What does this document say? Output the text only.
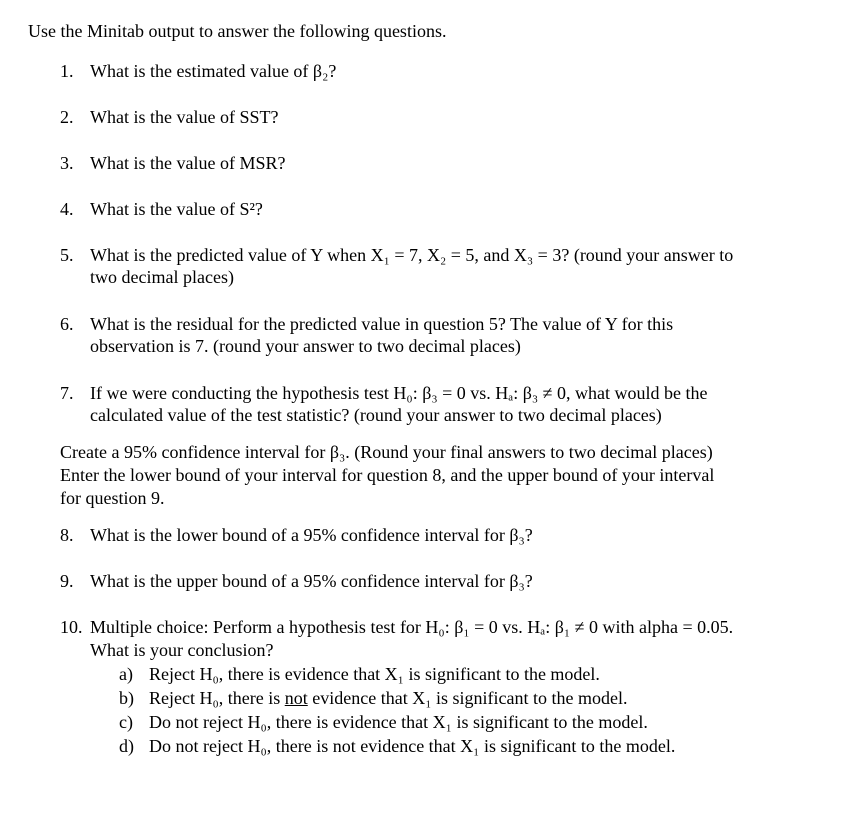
Use the Minitab output to answer the following questions.
1. What is the estimated value of β₂?
2. What is the value of SST?
3. What is the value of MSR?
4. What is the value of S²?
5. What is the predicted value of Y when X₁ = 7, X₂ = 5, and X₃ = 3? (round your answer to
two decimal places)
6. What is the residual for the predicted value in question 5? The value of Y for this
observation is 7. (round your answer to two decimal places)
7. If we were conducting the hypothesis test H₀: β₃ = 0 vs. Hₐ: β₃ ≠ 0, what would be the
calculated value of the test statistic? (round your answer to two decimal places)
Create a 95% confidence interval for β₃. (Round your final answers to two decimal places)
Enter the lower bound of your interval for question 8, and the upper bound of your interval
for question 9.
8. What is the lower bound of a 95% confidence interval for β₃?
9. What is the upper bound of a 95% confidence interval for β₃?
10. Multiple choice: Perform a hypothesis test for H₀: β₁ = 0 vs. Hₐ: β₁ ≠ 0 with alpha = 0.05.
What is your conclusion?
a) Reject H₀, there is evidence that X₁ is significant to the model.
b) Reject H₀, there is not evidence that X₁ is significant to the model.
c) Do not reject H₀, there is evidence that X₁ is significant to the model.
d) Do not reject H₀, there is not evidence that X₁ is significant to the model.
